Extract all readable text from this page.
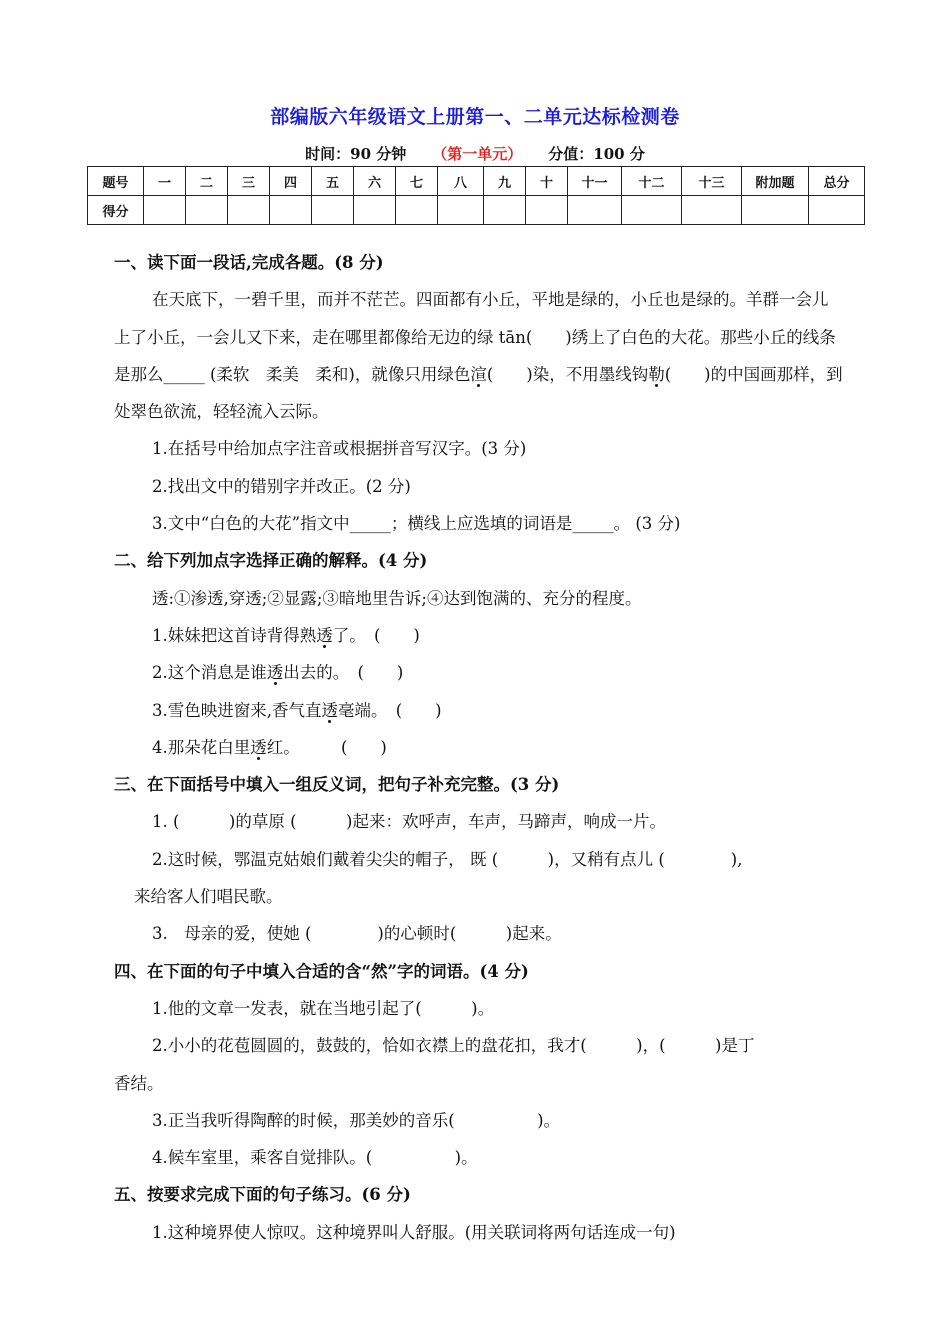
部编版六年级语文上册第一、二单元达标检测卷
时间：90 分钟 （第一单元） 分值：100 分
题号	一	二	三	四	五	六	七	八	九	十	十一	十二	十三	附加题	总分
得分															
一、读下面一段话,完成各题。(8 分)
在天底下，一碧千里，而并不茫芒。四面都有小丘，平地是绿的，小丘也是绿的。羊群一会儿上了小丘，一会儿又下来，走在哪里都像给无边的绿 tān(　　)绣上了白色的大花。那些小丘的线条是那么_____ (柔软　柔美　柔和)，就像只用绿色渲(　　)染，不用墨线钩勒(　　)的中国画那样，到处翠色欲流，轻轻流入云际。
1.在括号中给加点字注音或根据拼音写汉字。(3 分)
2.找出文中的错别字并改正。(2 分)
3.文中“白色的大花”指文中_____；横线上应选填的词语是_____。 (3 分)
二、给下列加点字选择正确的解释。(4 分)
透:①渗透,穿透;②显露;③暗地里告诉;④达到饱满的、充分的程度。
1.妹妹把这首诗背得熟透了。　(　　)
2.这个消息是谁透出去的。　(　　)
3.雪色映进窗来,香气直透毫端。　(　　)
4.那朵花白里透红。　　　(　　)
三、在下面括号中填入一组反义词，把句子补充完整。(3 分)
1. (　　　)的草原 (　　　)起来：欢呼声，车声，马蹄声，响成一片。
2.这时候，鄂温克姑娘们戴着尖尖的帽子， 既 (　　　)，又稍有点儿 (　　　　),
来给客人们唱民歌。
3.　母亲的爱，使她 (　　　　)的心顿时(　　　)起来。
四、在下面的句子中填入合适的含“然”字的词语。(4 分)
1.他的文章一发表，就在当地引起了(　　　)。
2.小小的花苞圆圆的，鼓鼓的，恰如衣襟上的盘花扣，我才(　　　)，(　　　)是丁
香结。
3.正当我听得陶醉的时候，那美妙的音乐(　　　　　)。
4.候车室里，乘客自觉排队。(　　　　　)。
五、按要求完成下面的句子练习。(6 分)
1.这种境界使人惊叹。这种境界叫人舒服。(用关联词将两句话连成一句)
